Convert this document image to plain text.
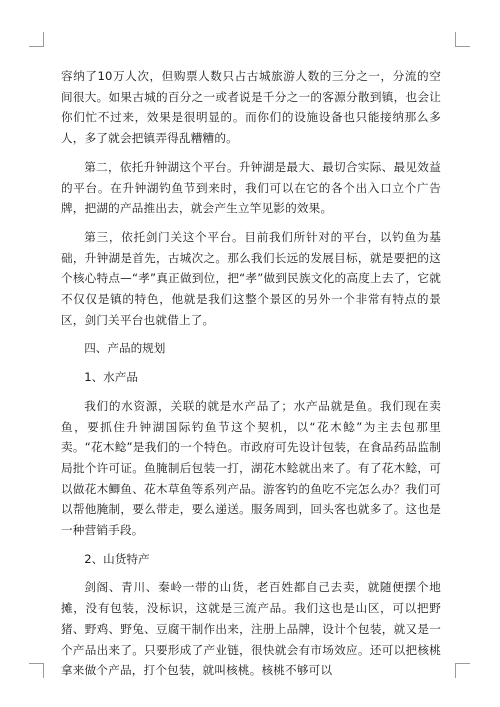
容纳了10万人次，但购票人数只占古城旅游人数的三分之一，分流的空间很大。如果古城的百分之一或者说是千分之一的客源分散到镇，也会让你们忙不过来，效果是很明显的。而你们的设施设备也只能接纳那么多人，多了就会把镇弄得乱糟糟的。

第二，依托升钟湖这个平台。升钟湖是最大、最切合实际、最见效益的平台。在升钟湖钓鱼节到来时，我们可以在它的各个出入口立个广告牌，把湖的产品推出去，就会产生立竿见影的效果。

第三，依托剑门关这个平台。目前我们所针对的平台，以钓鱼为基础，升钟湖是首先，古城次之。那么我们长远的发展目标，就是要把的这个核心特点—“孝”真正做到位，把“孝”做到民族文化的高度上去了，它就不仅仅是镇的特色，他就是我们这整个景区的另外一个非常有特点的景区，剑门关平台也就借上了。

四、产品的规划

1、水产品

我们的水资源，关联的就是水产品了；水产品就是鱼。我们现在卖鱼，要抓住升钟湖国际钓鱼节这个契机，以“花木鲶”为主去包那里卖。“花木鲶”是我们的一个特色。市政府可先设计包装，在食品药品监制局批个许可证。鱼腌制后包装一打，湖花木鲶就出来了。有了花木鲶，可以做花木鲫鱼、花木草鱼等系列产品。游客钓的鱼吃不完怎么办？我们可以帮他腌制，要么带走，要么递送。服务周到，回头客也就多了。这也是一种营销手段。

2、山货特产

剑阁、青川、秦岭一带的山货，老百姓都自己去卖，就随便摆个地摊，没有包装，没标识，这就是三流产品。我们这也是山区，可以把野猪、野鸡、野兔、豆腐干制作出来，注册上品牌，设计个包装，就又是一个产品出来了。只要形成了产业链，很快就会有市场效应。还可以把核桃拿来做个产品，打个包装，就叫核桃。核桃不够可以
